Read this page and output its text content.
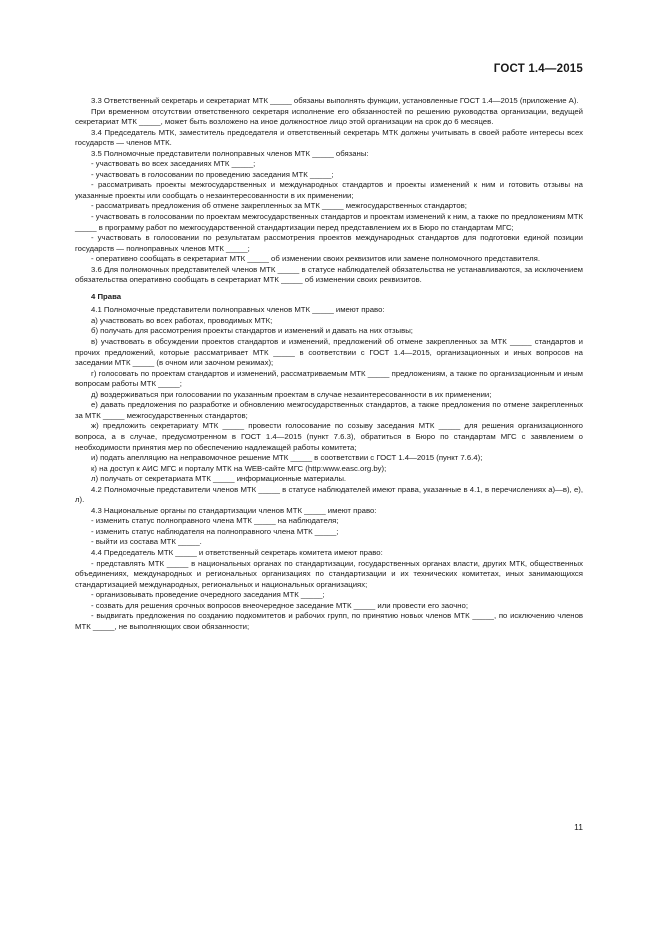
ГОСТ 1.4—2015

3.3 Ответственный секретарь и секретариат МТК _____ обязаны выполнять функции, установленные ГОСТ 1.4—2015 (приложение А).

При временном отсутствии ответственного секретаря исполнение его обязанностей по решению руководства организации, ведущей секретариат МТК _____, может быть возложено на иное должностное лицо этой организации на срок до 6 месяцев.

3.4 Председатель МТК, заместитель председателя и ответственный секретарь МТК должны учитывать в своей работе интересы всех государств — членов МТК.

3.5 Полномочные представители полноправных членов МТК _____ обязаны:

- участвовать во всех заседаниях МТК _____;

- участвовать в голосовании по проведению заседания МТК _____;

- рассматривать проекты межгосударственных и международных стандартов и проекты изменений к ним и готовить отзывы на указанные проекты или сообщать о незаинтересованности в их применении;

- рассматривать предложения об отмене закрепленных за МТК _____ межгосударственных стандартов;

- участвовать в голосовании по проектам межгосударственных стандартов и проектам изменений к ним, а также по предложениям МТК _____ в программу работ по межгосударственной стандартизации перед представлением их в Бюро по стандартам МГС;

- участвовать в голосовании по результатам рассмотрения проектов международных стандартов для подготовки единой позиции государств — полноправных членов МТК _____;

- оперативно сообщать в секретариат МТК _____ об изменении своих реквизитов или замене полномочного представителя.

3.6 Для полномочных представителей членов МТК _____ в статусе наблюдателей обязательства не устанавливаются, за исключением обязательства оперативно сообщать в секретариат МТК _____ об изменении своих реквизитов.

4 Права

4.1 Полномочные представители полноправных членов МТК _____ имеют право:

а) участвовать во всех работах, проводимых МТК;

б) получать для рассмотрения проекты стандартов и изменений и давать на них отзывы;

в) участвовать в обсуждении проектов стандартов и изменений, предложений об отмене закрепленных за МТК _____ стандартов и прочих предложений, которые рассматривает МТК _____ в соответствии с ГОСТ 1.4—2015, организационных и иных вопросов на заседании МТК _____ (в очном или заочном режимах);

г) голосовать по проектам стандартов и изменений, рассматриваемым МТК _____ предложениям, а также по организационным и иным вопросам работы МТК _____;

д) воздерживаться при голосовании по указанным проектам в случае незаинтересованности в их применении;

е) давать предложения по разработке и обновлению межгосударственных стандартов, а также предложения по отмене закрепленных за МТК _____ межгосударственных стандартов;

ж) предложить секретариату МТК _____ провести голосование по созыву заседания МТК _____ для решения организационного вопроса, а в случае, предусмотренном в ГОСТ 1.4—2015 (пункт 7.6.3), обратиться в Бюро по стандартам МГС с заявлением о необходимости принятия мер по обеспечению надлежащей работы комитета;

и) подать апелляцию на неправомочное решение МТК _____ в соответствии с ГОСТ 1.4—2015 (пункт 7.6.4);

к) на доступ к АИС МГС и порталу МТК на WEB-сайте МГС (http:www.easc.org.by);

л) получать от секретариата МТК _____ информационные материалы.

4.2 Полномочные представители членов МТК _____ в статусе наблюдателей имеют права, указанные в 4.1, в перечислениях а)—в), е), л).

4.3 Национальные органы по стандартизации членов МТК _____ имеют право:

- изменить статус полноправного члена МТК _____ на наблюдателя;

- изменить статус наблюдателя на полноправного члена МТК _____;

- выйти из состава МТК _____.

4.4 Председатель МТК _____ и ответственный секретарь комитета имеют право:

- представлять МТК _____ в национальных органах по стандартизации, государственных органах власти, других МТК, общественных объединениях, международных и региональных организациях по стандартизации и их технических комитетах, иных занимающихся стандартизацией международных, региональных и национальных организациях;

- организовывать проведение очередного заседания МТК _____;

- созвать для решения срочных вопросов внеочередное заседание МТК _____ или провести его заочно;

- выдвигать предложения по созданию подкомитетов и рабочих групп, по принятию новых членов МТК _____, по исключению членов МТК _____, не выполняющих свои обязанности;

11
